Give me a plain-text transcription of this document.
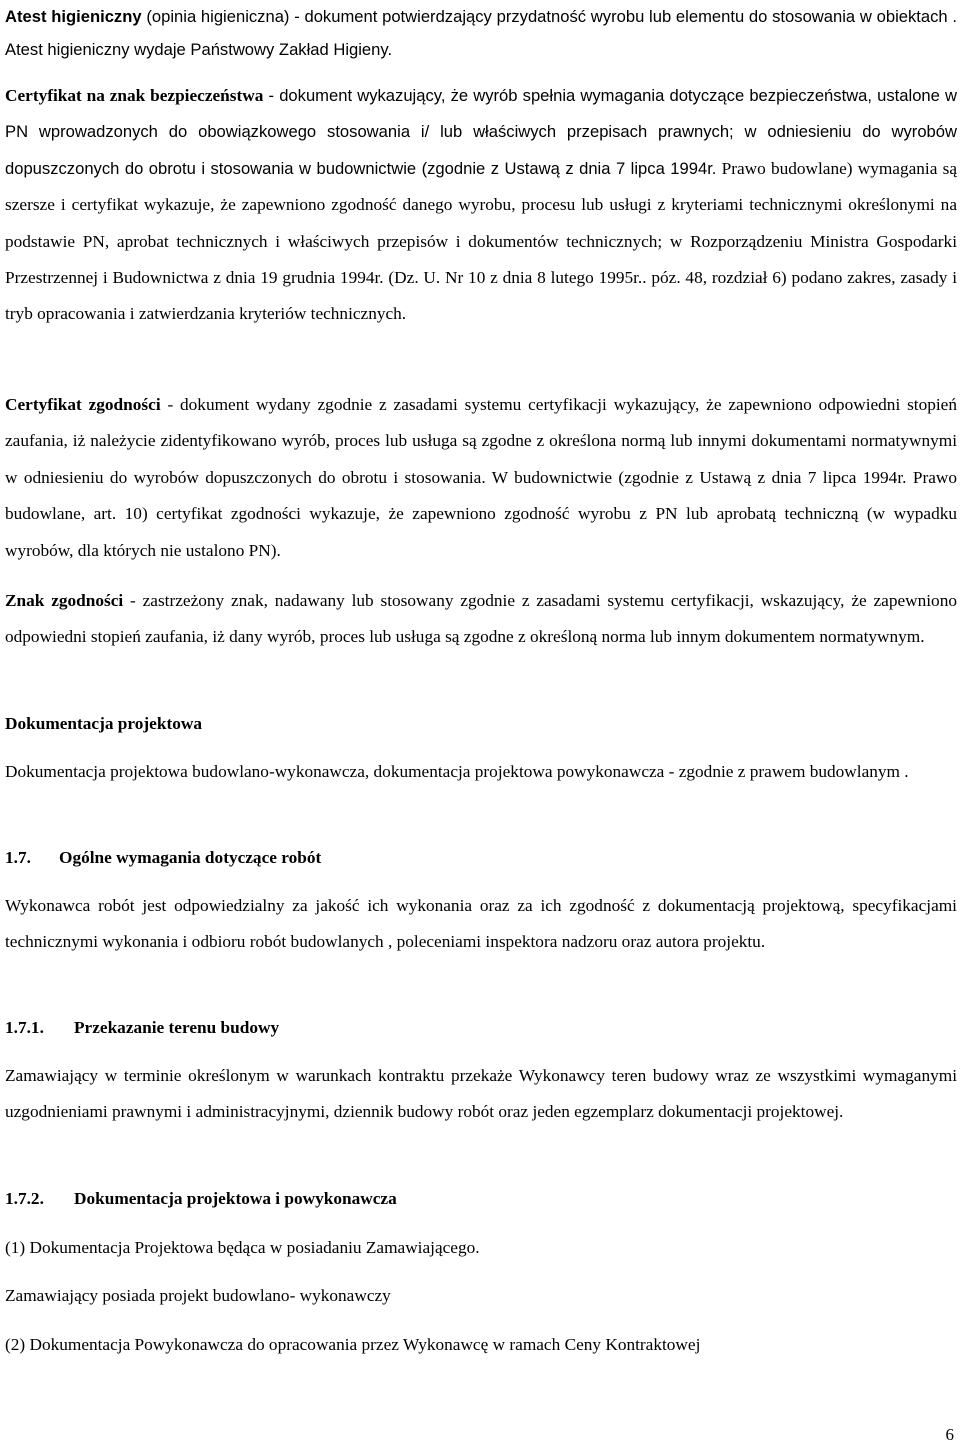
Atest higieniczny (opinia higieniczna) - dokument potwierdzający przydatność wyrobu lub elementu do stosowania w obiektach . Atest higieniczny wydaje Państwowy Zakład Higieny.

Certyfikat na znak bezpieczeństwa - dokument wykazujący, że wyrób spełnia wymagania dotyczące bezpieczeństwa, ustalone w PN wprowadzonych do obowiązkowego stosowania i/ lub właściwych przepisach prawnych; w odniesieniu do wyrobów dopuszczonych do obrotu i stosowania w budownictwie (zgodnie z Ustawą z dnia 7 lipca 1994r. Prawo budowlane) wymagania są szersze i certyfikat wykazuje, że zapewniono zgodność danego wyrobu, procesu lub usługi z kryteriami technicznymi określonymi na podstawie PN, aprobat technicznych i właściwych przepisów i dokumentów technicznych; w Rozporządzeniu Ministra Gospodarki Przestrzennej i Budownictwa z dnia 19 grudnia 1994r. (Dz. U. Nr 10 z dnia 8 lutego 1995r.. póz. 48, rozdział 6) podano zakres, zasady i tryb opracowania i zatwierdzania kryteriów technicznych.

Certyfikat zgodności - dokument wydany zgodnie z zasadami systemu certyfikacji wykazujący, że zapewniono odpowiedni stopień zaufania, iż należycie zidentyfikowano wyrób, proces lub usługa są zgodne z określona normą lub innymi dokumentami normatywnymi w odniesieniu do wyrobów dopuszczonych do obrotu i stosowania. W budownictwie (zgodnie z Ustawą z dnia 7 lipca 1994r. Prawo budowlane, art. 10) certyfikat zgodności wykazuje, że zapewniono zgodność wyrobu z PN lub aprobatą techniczną (w wypadku wyrobów, dla których nie ustalono PN).

Znak zgodności - zastrzeżony znak, nadawany lub stosowany zgodnie z zasadami systemu certyfikacji, wskazujący, że zapewniono odpowiedni stopień zaufania, iż dany wyrób, proces lub usługa są zgodne z określoną norma lub innym dokumentem normatywnym.

Dokumentacja projektowa

Dokumentacja projektowa budowlano-wykonawcza, dokumentacja projektowa powykonawcza - zgodnie z prawem budowlanym .

1.7. Ogólne wymagania dotyczące robót

Wykonawca robót jest odpowiedzialny za jakość ich wykonania oraz za ich zgodność z dokumentacją projektową, specyfikacjami technicznymi wykonania i odbioru robót budowlanych , poleceniami inspektora nadzoru oraz autora projektu.

1.7.1. Przekazanie terenu budowy

Zamawiający w terminie określonym w warunkach kontraktu przekaże Wykonawcy teren budowy wraz ze wszystkimi wymaganymi uzgodnieniami prawnymi i administracyjnymi, dziennik budowy robót oraz jeden egzemplarz dokumentacji projektowej.

1.7.2. Dokumentacja projektowa i powykonawcza

(1) Dokumentacja Projektowa będąca w posiadaniu Zamawiającego.

Zamawiający posiada projekt budowlano- wykonawczy

(2) Dokumentacja Powykonawcza do opracowania przez Wykonawcę w ramach Ceny Kontraktowej

6
